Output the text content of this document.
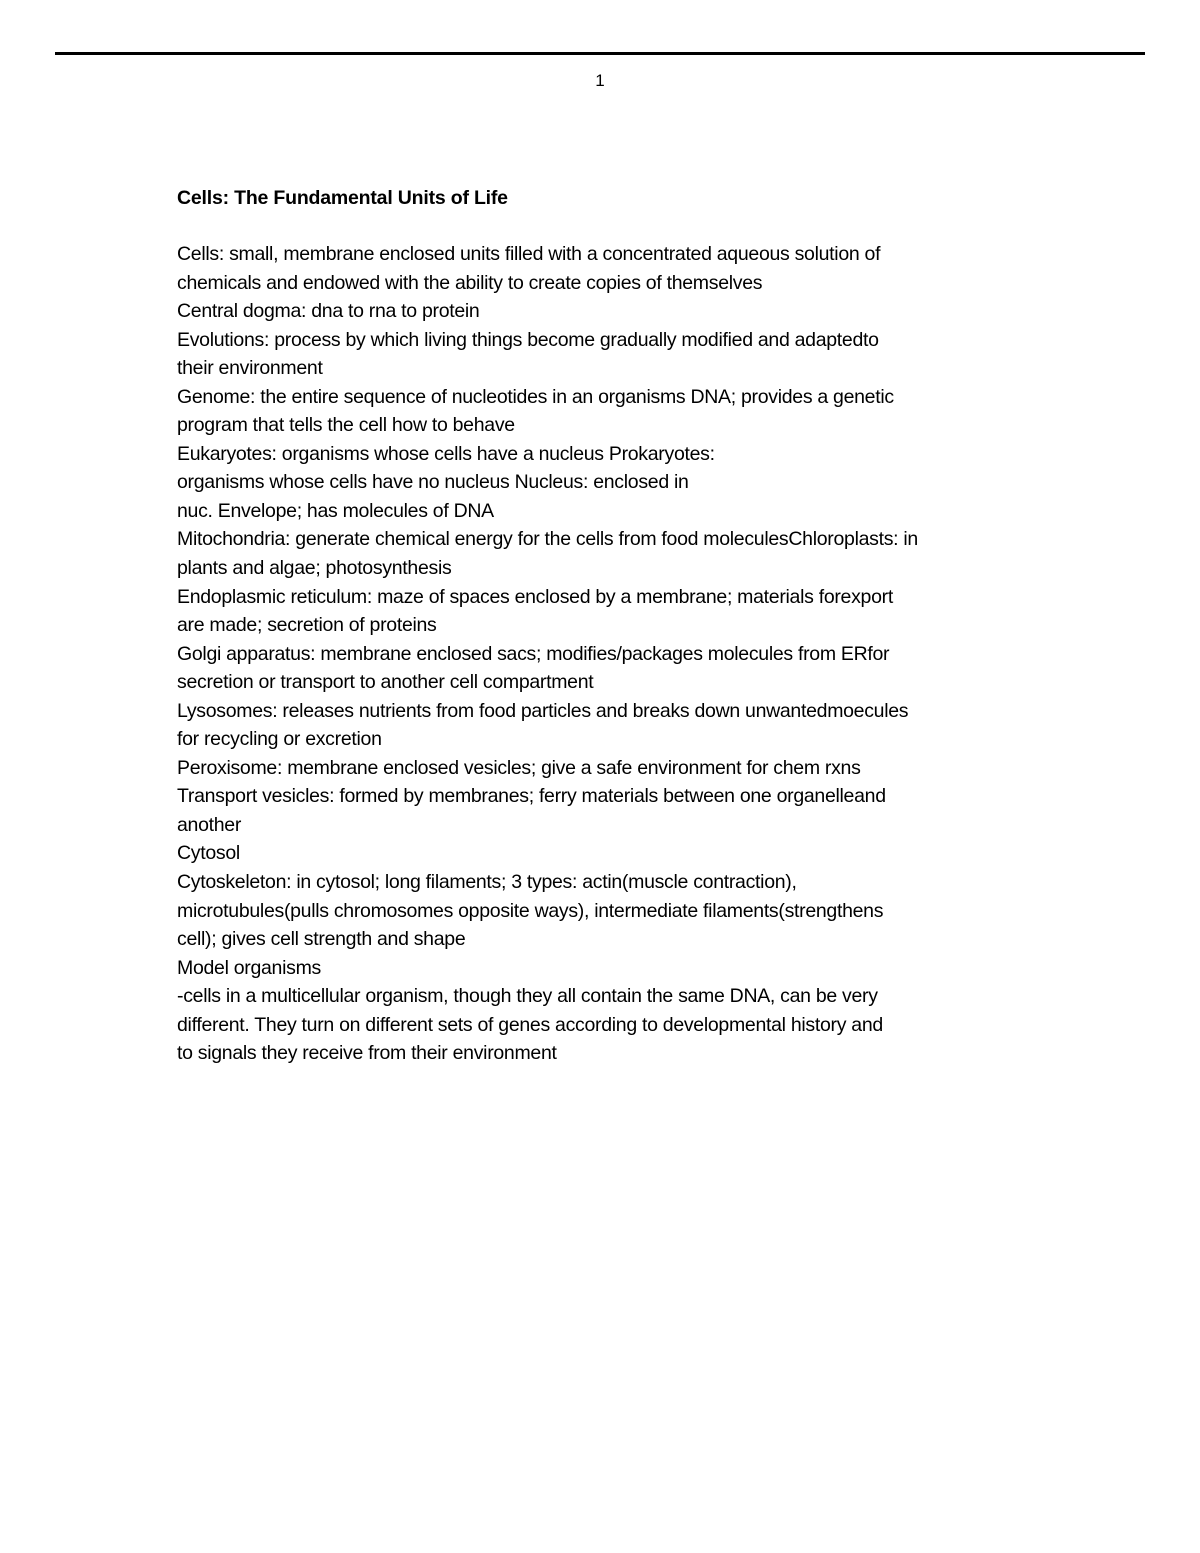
1
Cells: The Fundamental Units of Life
Cells: small, membrane enclosed units filled with a concentrated aqueous solution of
chemicals and endowed with the ability to create copies of themselves
Central dogma: dna to rna to protein
Evolutions: process by which living things become gradually modified and adaptedto
their environment
Genome: the entire sequence of nucleotides in an organisms DNA; provides a genetic
program that tells the cell how to behave
Eukaryotes: organisms whose cells have a nucleus Prokaryotes:
organisms whose cells have no nucleus Nucleus: enclosed in
nuc. Envelope; has molecules of DNA
Mitochondria: generate chemical energy for the cells from food moleculesChloroplasts: in
plants and algae; photosynthesis
Endoplasmic reticulum: maze of spaces enclosed by a membrane; materials forexport
are made; secretion of proteins
Golgi apparatus: membrane enclosed sacs; modifies/packages molecules from ERfor
secretion or transport to another cell compartment
Lysosomes: releases nutrients from food particles and breaks down unwantedmoecules
for recycling or excretion
Peroxisome: membrane enclosed vesicles; give a safe environment for chem rxns
Transport vesicles: formed by membranes; ferry materials between one organelleand
another
Cytosol
Cytoskeleton: in cytosol; long filaments; 3 types: actin(muscle contraction),
microtubules(pulls chromosomes opposite ways), intermediate filaments(strengthens
cell); gives cell strength and shape
Model organisms
-cells in a multicellular organism, though they all contain the same DNA, can be very
different. They turn on different sets of genes according to developmental history and
to signals they receive from their environment
